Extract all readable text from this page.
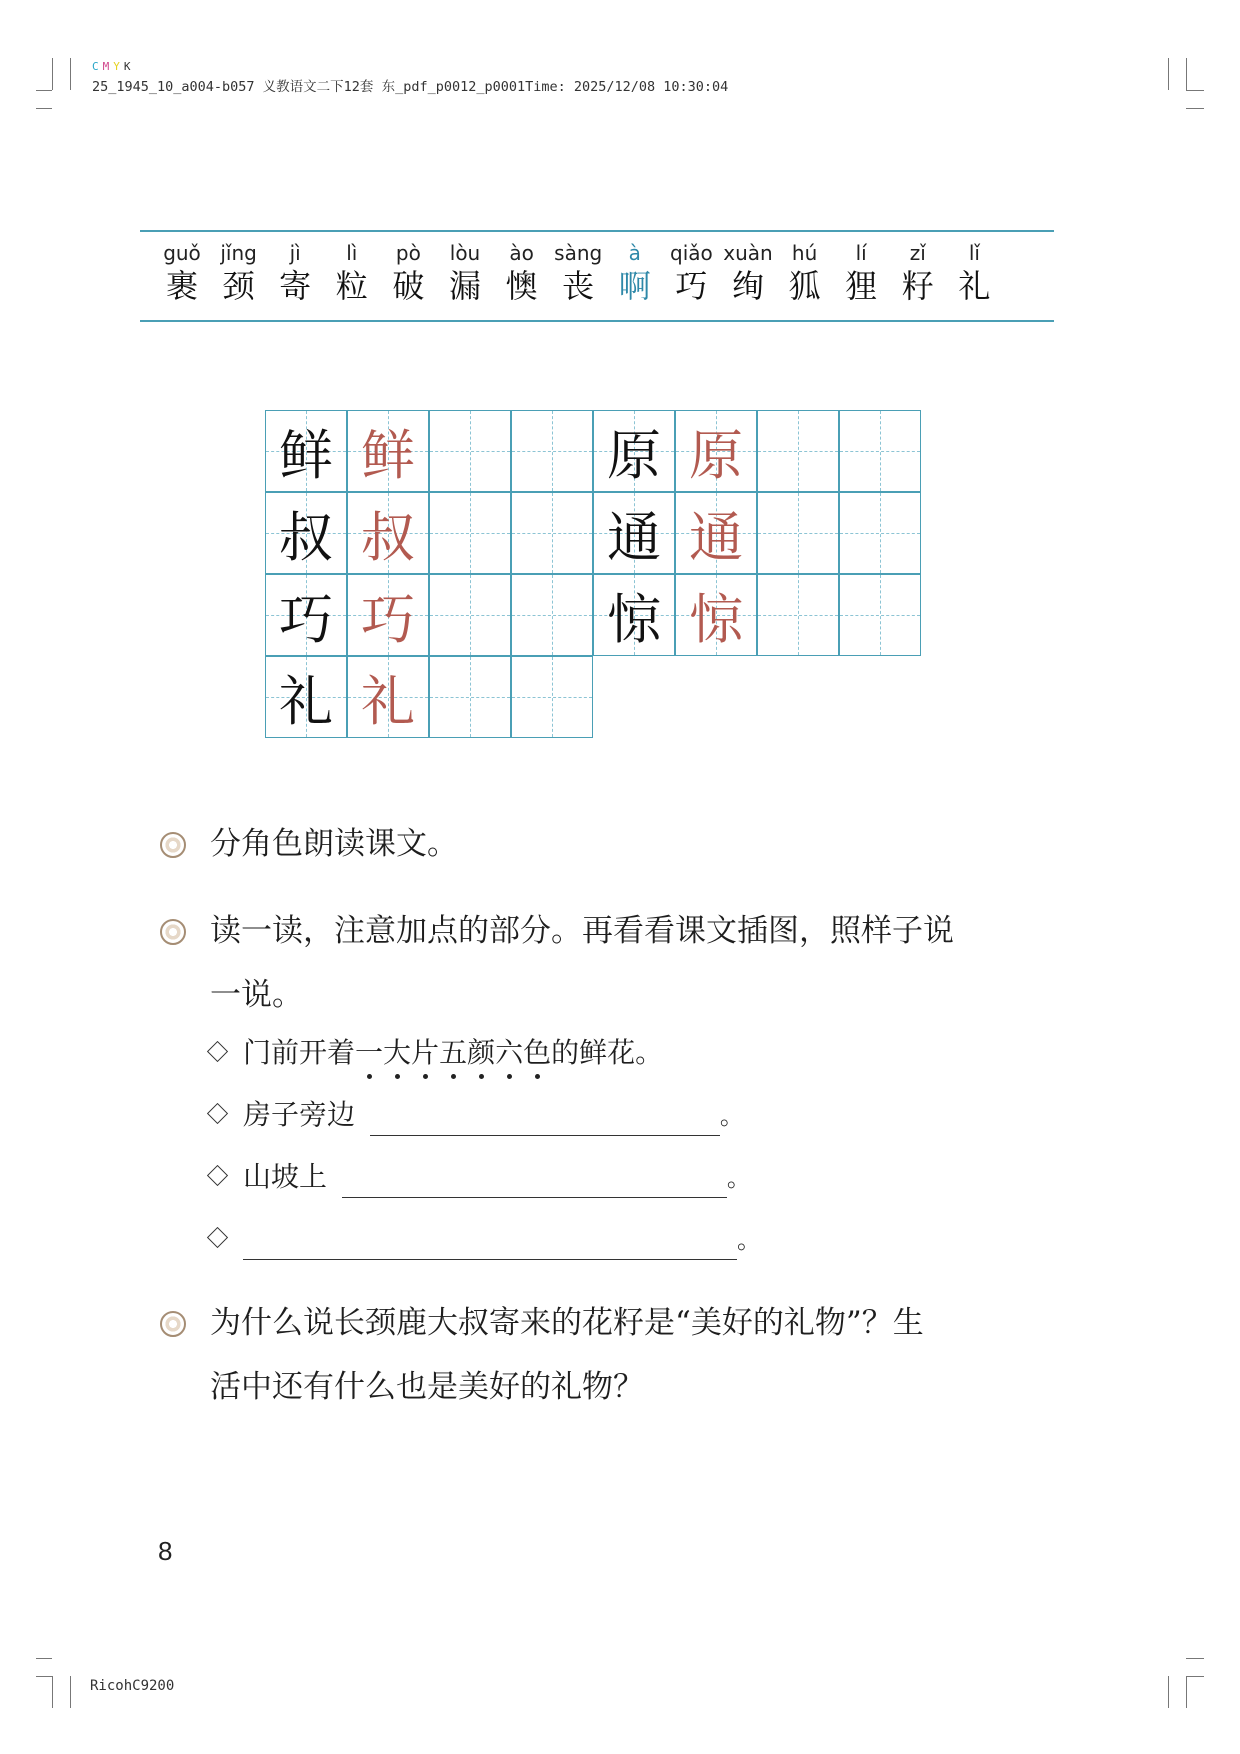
CMYK
25_1945_10_a004-b057 义教语文二下12套 东_pdf_p0012_p0001Time: 2025/12/08 10:30:04
RicohC9200
guǒ
裹
jǐng
颈
jì
寄
lì
粒
pò
破
lòu
漏
ào
懊
sàng
丧
à
啊
qiǎo
巧
xuàn
绚
hú
狐
lí
狸
zǐ
籽
lǐ
礼
鲜 鲜
叔 叔
巧 巧
礼 礼
原 原
通 通
惊 惊
分角色朗读课文。
读一读，注意加点的部分。再看看课文插图，照样子说
一说。
门前开着一大片五颜六色的鲜花。
房子旁边	。
山坡上	。
。
为什么说长颈鹿大叔寄来的花籽是“美好的礼物”？生
活中还有什么也是美好的礼物？
8
